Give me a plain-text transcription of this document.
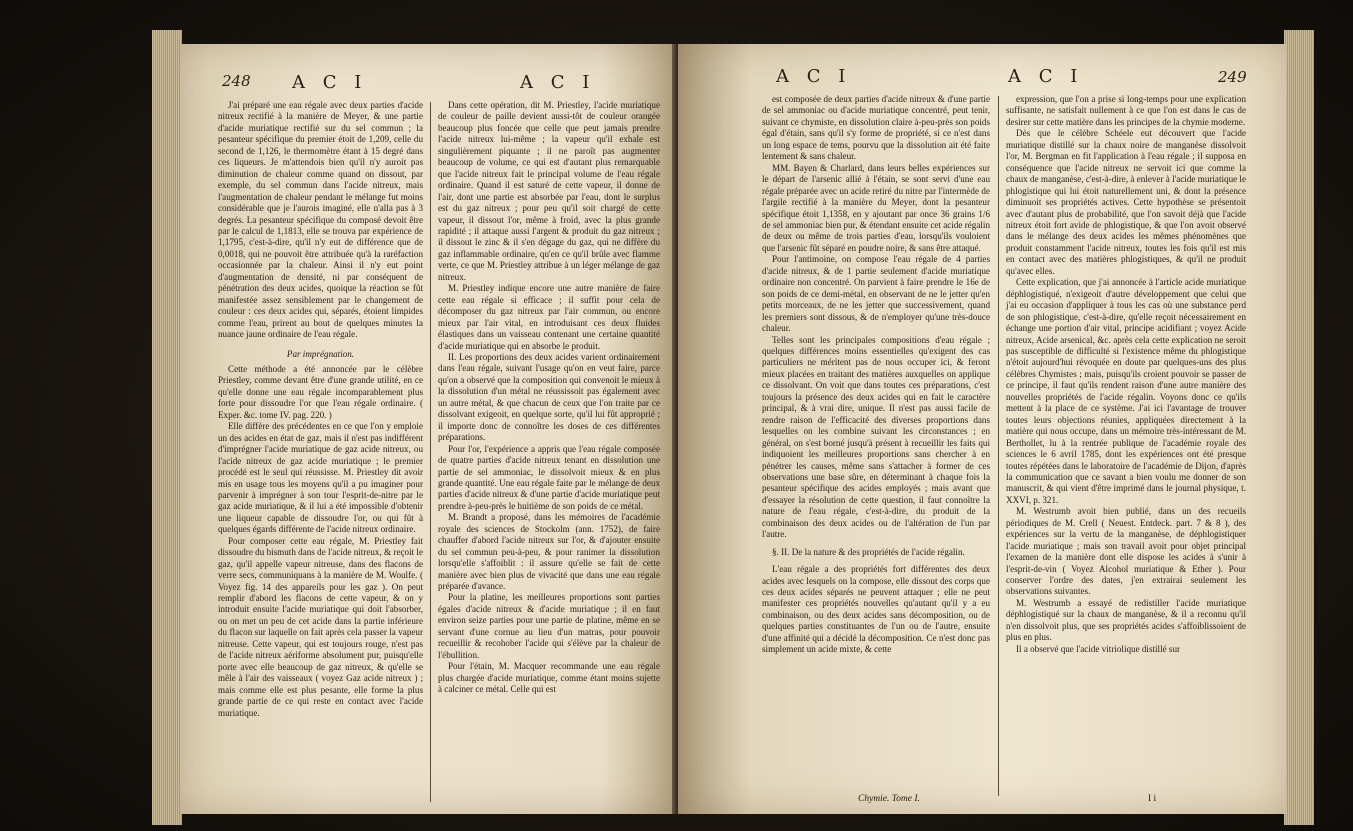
248 A C I	A C I

J'ai préparé une eau régale avec deux parties d'acide nitreux rectifié à la manière de Meyer, & une partie d'acide muriatique rectifié sur du sel commun ; la pesanteur spécifique du premier étoit de 1,209, celle du second de 1,126, le thermomètre étant à 15 degré dans ces liqueurs. Je m'attendois bien qu'il n'y auroit pas diminution de chaleur comme quand on dissout, par exemple, du sel commun dans l'acide nitreux, mais l'augmentation de chaleur pendant le mélange fut moins considérable que je l'aurois imaginé, elle n'alla pas à 3 degrés. La pesanteur spécifique du composé devoit être par le calcul de 1,1813, elle se trouva par expérience de 1,1795, c'est-à-dire, qu'il n'y eut de différence que de 0,0018, qui ne pouvoit être attribuée qu'à la raréfaction occasionnée par la chaleur. Ainsi il n'y eut point d'augmentation de densité, ni par conséquent de pénétration des deux acides, quoique la réaction se fût manifestée assez sensiblement par le changement de couleur : ces deux acides qui, séparés, étoient limpides comme l'eau, prirent au bout de quelques minutes la nuance jaune ordinaire de l'eau régale.

Par imprégnation.

Cette méthode a été annoncée par le célèbre Priestley, comme devant être d'une grande utilité, en ce qu'elle donne une eau régale incomparablement plus forte pour dissoudre l'or que l'eau régale ordinaire. ( Exper. &c. tome IV. pag. 220. )

Elle diffère des précédentes en ce que l'on y emploie un des acides en état de gaz, mais il n'est pas indifférent d'imprégner l'acide muriatique de gaz acide nitreux, ou l'acide nitreux de gaz acide muriatique ; le premier procédé est le seul qui réussisse. M. Priestley dit avoir mis en usage tous les moyens qu'il a pu imaginer pour parvenir à imprégner à son tour l'esprit-de-nitre par le gaz acide muriatique, & il lui a été impossible d'obtenir une liqueur capable de dissoudre l'or, ou qui fût à quelques égards différente de l'acide nitreux ordinaire.

Pour composer cette eau régale, M. Priestley fait dissoudre du bismuth dans de l'acide nitreux, & reçoit le gaz, qu'il appelle vapeur nitreuse, dans des flacons de verre secs, communiquans à la manière de M. Woulfe. ( Voyez fig. 14 des appareils pour les gaz ). On peut remplir d'abord les flacons de cette vapeur, & on y introduit ensuite l'acide muriatique qui doit l'absorber, ou on met un peu de cet acide dans la partie inférieure du flacon sur laquelle on fait après cela passer la vapeur nitreuse. Cette vapeur, qui est toujours rouge, n'est pas de l'acide nitreux aériforme absolument pur, puisqu'elle porte avec elle beaucoup de gaz nitreux, & qu'elle se mêle à l'air des vaisseaux ( voyez Gaz acide nitreux ) ; mais comme elle est plus pesante, elle forme la plus grande partie de ce qui reste en contact avec l'acide muriatique.

Dans cette opération, dit M. Priestley, l'acide muriatique de couleur de paille devient aussi-tôt de couleur orangée beaucoup plus foncée que celle que peut jamais prendre l'acide nitreux lui-même ; la vapeur qu'il exhale est singulièrement piquante ; il ne paroît pas augmenter beaucoup de volume, ce qui est d'autant plus remarquable que l'acide nitreux fait le principal volume de l'eau régale ordinaire. Quand il est saturé de cette vapeur, il donne de l'air, dont une partie est absorbée par l'eau, dont le surplus est du gaz nitreux ; pour peu qu'il soit chargé de cette vapeur, il dissout l'or, même à froid, avec la plus grande rapidité ; il attaque aussi l'argent & produit du gaz nitreux ; il dissout le zinc & il s'en dégage du gaz, qui ne diffère du gaz inflammable ordinaire, qu'en ce qu'il brûle avec flamme verte, ce que M. Priestley attribue à un léger mélange de gaz nitreux.

M. Priestley indique encore une autre manière de faire cette eau régale si efficace ; il suffit pour cela de décomposer du gaz nitreux par l'air commun, ou encore mieux par l'air vital, en introduisant ces deux fluides élastiques dans un vaisseau contenant une certaine quantité d'acide muriatique qui en absorbe le produit.

II. Les proportions des deux acides varient ordinairement dans l'eau régale, suivant l'usage qu'on en veut faire, parce qu'on a observé que la composition qui convenoit le mieux à la dissolution d'un métal ne réussissoit pas également avec un autre métal, & que chacun de ceux que l'on traite par ce dissolvant exigeoit, en quelque sorte, qu'il lui fût approprié ; il importe donc de connoître les doses de ces différentes préparations.

Pour l'or, l'expérience a appris que l'eau régale composée de quatre parties d'acide nitreux tenant en dissolution une partie de sel ammoniac, le dissolvoit mieux & en plus grande quantité. Une eau régale faite par le mélange de deux parties d'acide nitreux & d'une partie d'acide muriatique peut prendre à-peu-près le huitième de son poids de ce métal.

M. Brandt a proposé, dans les mémoires de l'académie royale des sciences de Stockolm (ann. 1752), de faire chauffer d'abord l'acide nitreux sur l'or, & d'ajouter ensuite du sel commun peu-à-peu, & pour ranimer la dissolution lorsqu'elle s'affoiblit : il assure qu'elle se fait de cette manière avec bien plus de vivacité que dans une eau régale préparée d'avance.

Pour la platine, les meilleures proportions sont parties égales d'acide nitreux & d'acide muriatique ; il en faut environ seize parties pour une partie de platine, même en se servant d'une cornue au lieu d'un matras, pour pouvoir recueillir & recohober l'acide qui s'élève par la chaleur de l'ébullition.

Pour l'étain, M. Macquer recommande une eau régale plus chargée d'acide muriatique, comme étant moins sujette à calciner ce métal. Celle qui est

A C I	A C I	249

est composée de deux parties d'acide nitreux & d'une partie de sel ammoniac ou d'acide muriatique concentré, peut tenir, suivant ce chymiste, en dissolution claire à-peu-près son poids égal d'étain, sans qu'il s'y forme de propriété, si ce n'est dans un long espace de tems, pourvu que la dissolution ait été faite lentement & sans chaleur.

MM. Bayen & Charlard, dans leurs belles expériences sur le départ de l'arsenic allié à l'étain, se sont servi d'une eau régale préparée avec un acide retiré du nitre par l'intermède de l'argile rectifié à la manière du Meyer, dont la pesanteur spécifique étoit 1,1358, en y ajoutant par once 36 grains 1/6 de sel ammoniac bien pur, & étendant ensuite cet acide régalin de deux ou même de trois parties d'eau, lorsqu'ils vouloient que l'arsenic fût séparé en poudre noire, & sans être attaqué.

Pour l'antimoine, on compose l'eau régale de 4 parties d'acide nitreux, & de 1 partie seulement d'acide muriatique ordinaire non concentré. On parvient à faire prendre le 16e de son poids de ce demi-métal, en observant de ne le jetter qu'en petits morceaux, de ne les jetter que successivement, quand les premiers sont dissous, & de n'employer qu'une très-douce chaleur.

Telles sont les principales compositions d'eau régale ; quelques différences moins essentielles qu'exigent des cas particuliers ne méritent pas de nous occuper ici, & feront mieux placées en traitant des matières auxquelles on applique ce dissolvant. On voit que dans toutes ces préparations, c'est toujours la présence des deux acides qui en fait le caractère principal, & à vrai dire, unique. Il n'est pas aussi facile de rendre raison de l'efficacité des diverses proportions dans lesquelles on les combine suivant les circonstances ; en général, on s'est borné jusqu'à présent à recueillir les faits qui indiquoient les meilleures proportions sans chercher à en pénétrer les causes, même sans s'attacher à former de ces observations une base sûre, en déterminant à chaque fois la pesanteur spécifique des acides employés ; mais avant que d'essayer la résolution de cette question, il faut connoître la nature de l'eau régale, c'est-à-dire, du produit de la combinaison des deux acides ou de l'altération de l'un par l'autre.

§. II. De la nature & des propriétés de l'acide régalin.

L'eau régale a des propriétés fort différentes des deux acides avec lesquels on la compose, elle dissout des corps que ces deux acides séparés ne peuvent attaquer ; elle ne peut manifester ces propriétés nouvelles qu'autant qu'il y a eu combinaison, ou des deux acides sans décomposition, ou de quelques parties constituantes de l'un ou de l'autre, ensuite d'une affinité qui a décidé la décomposition. Ce n'est donc pas simplement un acide mixte, & cette

expression, que l'on a prise si long-temps pour une explication suffisante, ne satisfait nullement à ce que l'on est dans le cas de desirer sur cette matière dans les principes de la chymie moderne.

Dès que le célèbre Schéele eut découvert que l'acide muriatique distillé sur la chaux noire de manganèse dissolvoit l'or, M. Bergman en fit l'application à l'eau régale ; il supposa en conséquence que l'acide nitreux ne servoit ici que comme la chaux de manganèse, c'est-à-dire, à enlever à l'acide muriatique le phlogistique qui lui étoit naturellement uni, & dont la présence diminuoit ses propriétés actives. Cette hypothèse se présentoit avec d'autant plus de probabilité, que l'on savoit déjà que l'acide nitreux étoit fort avide de phlogistique, & que l'on avoit observé dans le mélange des deux acides les mêmes phénomènes que produit constamment l'acide nitreux, toutes les fois qu'il est mis en contact avec des matières phlogistiques, & qu'il ne produit qu'avec elles.

Cette explication, que j'ai annoncée à l'article acide muriatique déphlogistiqué, n'exigeoit d'autre développement que celui que j'ai eu occasion d'appliquer à tous les cas où une substance perd de son phlogistique, c'est-à-dire, qu'elle reçoit nécessairement en échange une portion d'air vital, principe acidifiant ; voyez Acide nitreux, Acide arsenical, &c. après cela cette explication ne seroit pas susceptible de difficulté si l'existence même du phlogistique n'étoit aujourd'hui révoquée en doute par quelques-uns des plus célèbres Chymistes ; mais, puisqu'ils croient pouvoir se passer de ce principe, il faut qu'ils rendent raison d'une autre manière des nouvelles propriétés de l'acide régalin. Voyons donc ce qu'ils mettent à la place de ce système. J'ai ici l'avantage de trouver toutes leurs objections réunies, appliquées directement à la matière qui nous occupe, dans un mémoire très-intéressant de M. Berthollet, lu à la rentrée publique de l'académie royale des sciences le 6 avril 1785, dont les expériences ont été presque toutes répétées dans le laboratoire de l'académie de Dijon, d'après la communication que ce savant a bien voulu me donner de son manuscrit, & qui vient d'être imprimé dans le journal physique, t. XXVI, p. 321.

M. Westrumb avoit bien publié, dans un des recueils périodiques de M. Crell ( Neuest. Entdeck. part. 7 & 8 ), des expériences sur la vertu de la manganèse, de déphlogistiquer l'acide muriatique ; mais son travail avoit pour objet principal l'examen de la manière dont elle dispose les acides à s'unir à l'esprit-de-vin ( Voyez Alcohol muriatique & Ether ). Pour conserver l'ordre des dates, j'en extrairai seulement les observations suivantes.

M. Westrumb a essayé de redistiller l'acide muriatique déphlogistiqué sur la chaux de manganèse, & il a reconnu qu'il n'en dissolvoit plus, que ses propriétés acides s'affoiblissoient de plus en plus.

Il a observé que l'acide vitriolique distillé sur

Chymie. Tome I.	I i
